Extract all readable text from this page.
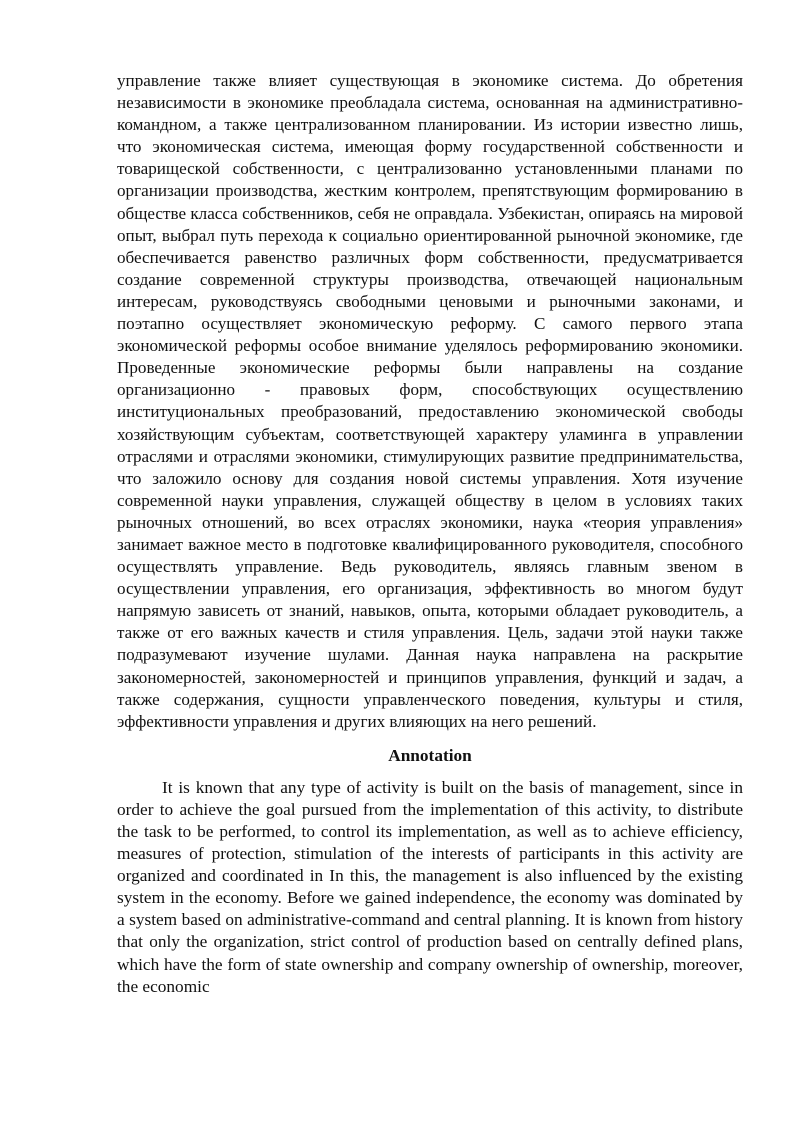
управление также влияет существующая в экономике система. До обретения независимости в экономике преобладала система, основанная на административно-командном, а также централизованном планировании. Из истории известно лишь, что экономическая система, имеющая форму государственной собственности и товарищеской собственности, с централизованно установленными планами по организации производства, жестким контролем, препятствующим формированию в обществе класса собственников, себя не оправдала. Узбекистан, опираясь на мировой опыт, выбрал путь перехода к социально ориентированной рыночной экономике, где обеспечивается равенство различных форм собственности, предусматривается создание современной структуры производства, отвечающей национальным интересам, руководствуясь свободными ценовыми и рыночными законами, и поэтапно осуществляет экономическую реформу. С самого первого этапа экономической реформы особое внимание уделялось реформированию экономики. Проведенные экономические реформы были направлены на создание организационно - правовых форм, способствующих осуществлению институциональных преобразований, предоставлению экономической свободы хозяйствующим субъектам, соответствующей характеру уламинга в управлении отраслями и отраслями экономики, стимулирующих развитие предпринимательства, что заложило основу для создания новой системы управления. Хотя изучение современной науки управления, служащей обществу в целом в условиях таких рыночных отношений, во всех отраслях экономики, наука «теория управления» занимает важное место в подготовке квалифицированного руководителя, способного осуществлять управление. Ведь руководитель, являясь главным звеном в осуществлении управления, его организация, эффективность во многом будут напрямую зависеть от знаний, навыков, опыта, которыми обладает руководитель, а также от его важных качеств и стиля управления. Цель, задачи этой науки также подразумевают изучение шулами. Данная наука направлена на раскрытие закономерностей, закономерностей и принципов управления, функций и задач, а также содержания, сущности управленческого поведения, культуры и стиля, эффективности управления и других влияющих на него решений.

Annotation

It is known that any type of activity is built on the basis of management, since in order to achieve the goal pursued from the implementation of this activity, to distribute the task to be performed, to control its implementation, as well as to achieve efficiency, measures of protection, stimulation of the interests of participants in this activity are organized and coordinated in In this, the management is also influenced by the existing system in the economy. Before we gained independence, the economy was dominated by a system based on administrative-command and central planning. It is known from history that only the organization, strict control of production based on centrally defined plans, which have the form of state ownership and company ownership of ownership, moreover, the economic
